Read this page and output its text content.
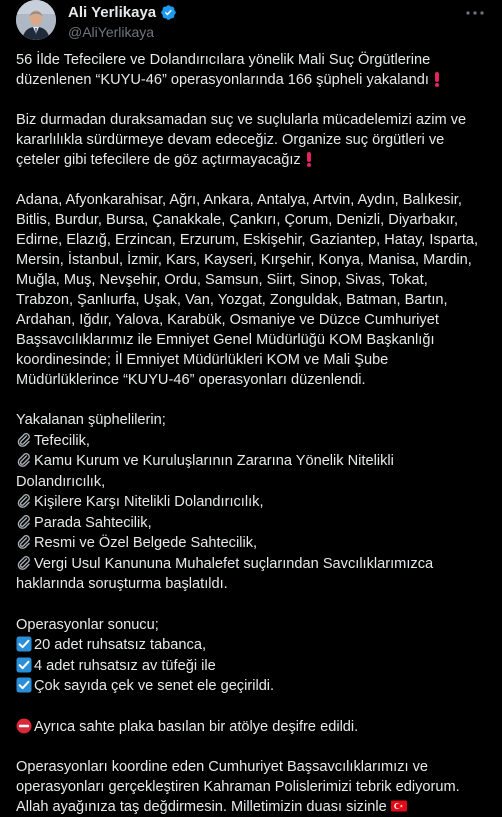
Ali Yerlikaya
@AliYerlikaya

56 İlde Tefecilere ve Dolandırıcılara yönelik Mali Suç Örgütlerine düzenlenen “KUYU-46” operasyonlarında 166 şüpheli yakalandı

Biz durmadan duraksamadan suç ve suçlularla mücadelemizi azim ve kararlılıkla sürdürmeye devam edeceğiz. Organize suç örgütleri ve çeteler gibi tefecilere de göz açtırmayacağız

Adana, Afyonkarahisar, Ağrı, Ankara, Antalya, Artvin, Aydın, Balıkesir, Bitlis, Burdur, Bursa, Çanakkale, Çankırı, Çorum, Denizli, Diyarbakır, Edirne, Elazığ, Erzincan, Erzurum, Eskişehir, Gaziantep, Hatay, Isparta, Mersin, İstanbul, İzmir, Kars, Kayseri, Kırşehir, Konya, Manisa, Mardin, Muğla, Muş, Nevşehir, Ordu, Samsun, Siirt, Sinop, Sivas, Tokat, Trabzon, Şanlıurfa, Uşak, Van, Yozgat, Zonguldak, Batman, Bartın, Ardahan, Iğdır, Yalova, Karabük, Osmaniye ve Düzce Cumhuriyet Başsavcılıklarımız ile Emniyet Genel Müdürlüğü KOM Başkanlığı koordinesinde; İl Emniyet Müdürlükleri KOM ve Mali Şube Müdürlüklerince “KUYU-46” operasyonları düzenlendi.

Yakalanan şüphelilerin;
Tefecilik,
Kamu Kurum ve Kuruluşlarının Zararına Yönelik Nitelikli Dolandırıcılık,
Kişilere Karşı Nitelikli Dolandırıcılık,
Parada Sahtecilik,
Resmi ve Özel Belgede Sahtecilik,
Vergi Usul Kanununa Muhalefet suçlarından Savcılıklarımızca haklarında soruşturma başlatıldı.
Operasyonlar sonucu;
20 adet ruhsatsız tabanca,
4 adet ruhsatsız av tüfeği ile
Çok sayıda çek ve senet ele geçirildi.

Ayrıca sahte plaka basılan bir atölye deşifre edildi.

Operasyonları koordine eden Cumhuriyet Başsavcılıklarımızı ve operasyonları gerçekleştiren Kahraman Polislerimizi tebrik ediyorum. Allah ayağınıza taş değdirmesin. Milletimizin duası sizinle
